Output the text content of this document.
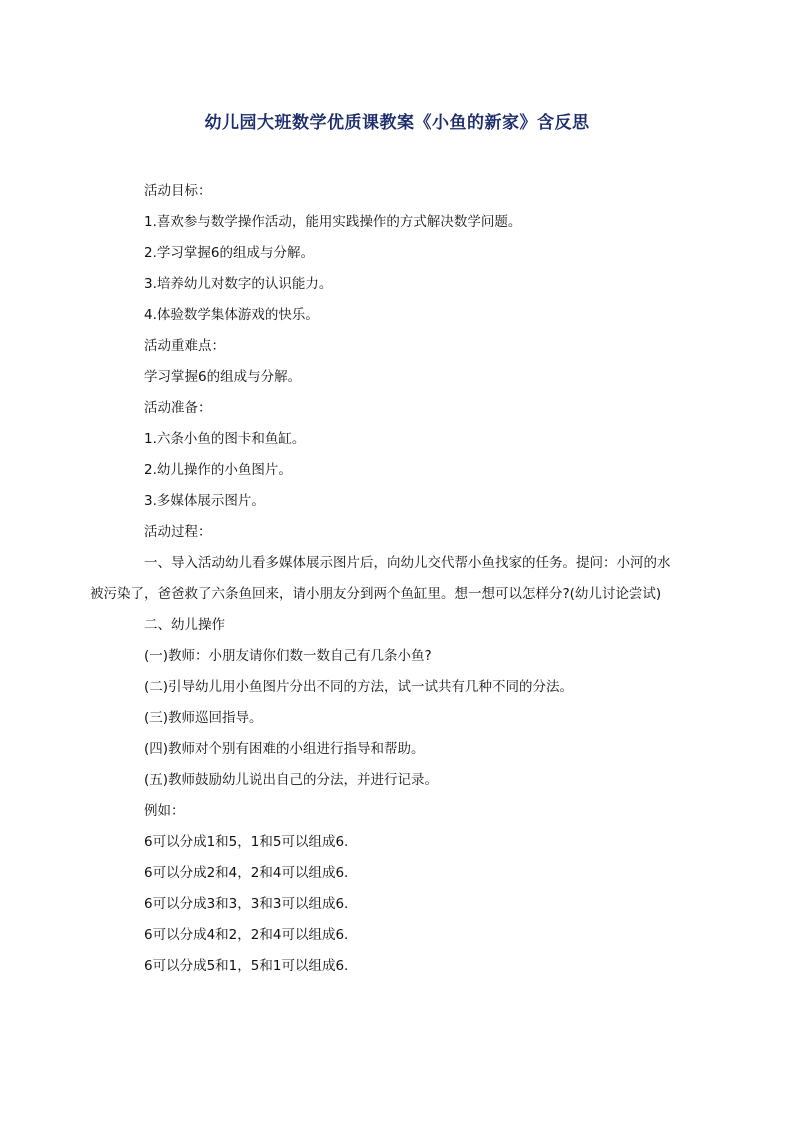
幼儿园大班数学优质课教案《小鱼的新家》含反思

活动目标：

1.喜欢参与数学操作活动，能用实践操作的方式解决数学问题。

2.学习掌握6的组成与分解。

3.培养幼儿对数字的认识能力。

4.体验数学集体游戏的快乐。

活动重难点：

学习掌握6的组成与分解。

活动准备：

1.六条小鱼的图卡和鱼缸。

2.幼儿操作的小鱼图片。

3.多媒体展示图片。

活动过程：

一、导入活动幼儿看多媒体展示图片后，向幼儿交代帮小鱼找家的任务。提问：小河的水被污染了，爸爸救了六条鱼回来，请小朋友分到两个鱼缸里。想一想可以怎样分?(幼儿讨论尝试)

二、幼儿操作

(一)教师：小朋友请你们数一数自己有几条小鱼?

(二)引导幼儿用小鱼图片分出不同的方法，试一试共有几种不同的分法。

(三)教师巡回指导。

(四)教师对个别有困难的小组进行指导和帮助。

(五)教师鼓励幼儿说出自己的分法，并进行记录。

例如：

6可以分成1和5，1和5可以组成6.

6可以分成2和4，2和4可以组成6.

6可以分成3和3，3和3可以组成6.

6可以分成4和2，2和4可以组成6.

6可以分成5和1，5和1可以组成6.
